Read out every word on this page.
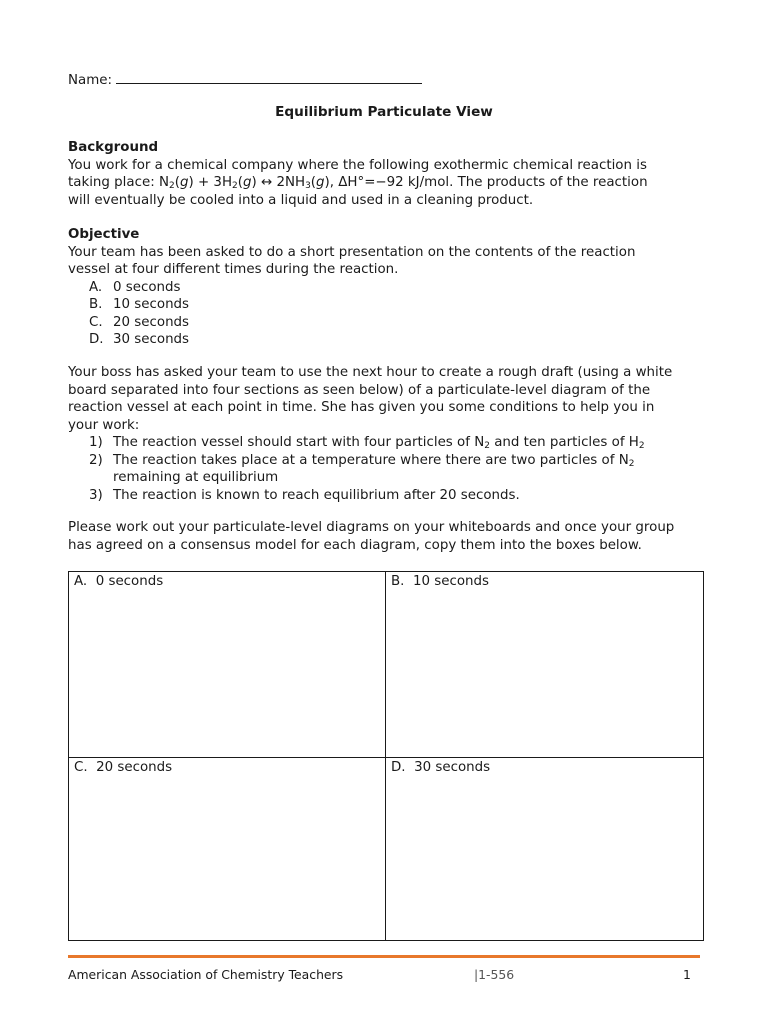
Name:
Equilibrium Particulate View

Background

You work for a chemical company where the following exothermic chemical reaction is

taking place: $N_2(g) + 3H_2(g)$ ↔ $2NH_3(g)$, ΔH°=−92 kJ/mol. The products of the reaction

will eventually be cooled into a liquid and used in a cleaning product.

Objective

Your team has been asked to do a short presentation on the contents of the reaction

vessel at four different times during the reaction.

A. 0 seconds
B. 10 seconds
C. 20 seconds
D. 30 seconds

Your boss has asked your team to use the next hour to create a rough draft (using a white

board separated into four sections as seen below) of a particulate-level diagram of the

reaction vessel at each point in time. She has given you some conditions to help you in

your work:

1) The reaction vessel should start with four particles of $N_2$ and ten particles of $H_2$
2) The reaction takes place at a temperature where there are two particles of $N_2$
remaining at equilibrium
3) The reaction is known to reach equilibrium after 20 seconds.

Please work out your particulate-level diagrams on your whiteboards and once your group

has agreed on a consensus model for each diagram, copy them into the boxes below.

A.  0 seconds	B.  10 seconds
C.  20 seconds	D.  30 seconds
American Association of Chemistry Teachers	|1-556	1
